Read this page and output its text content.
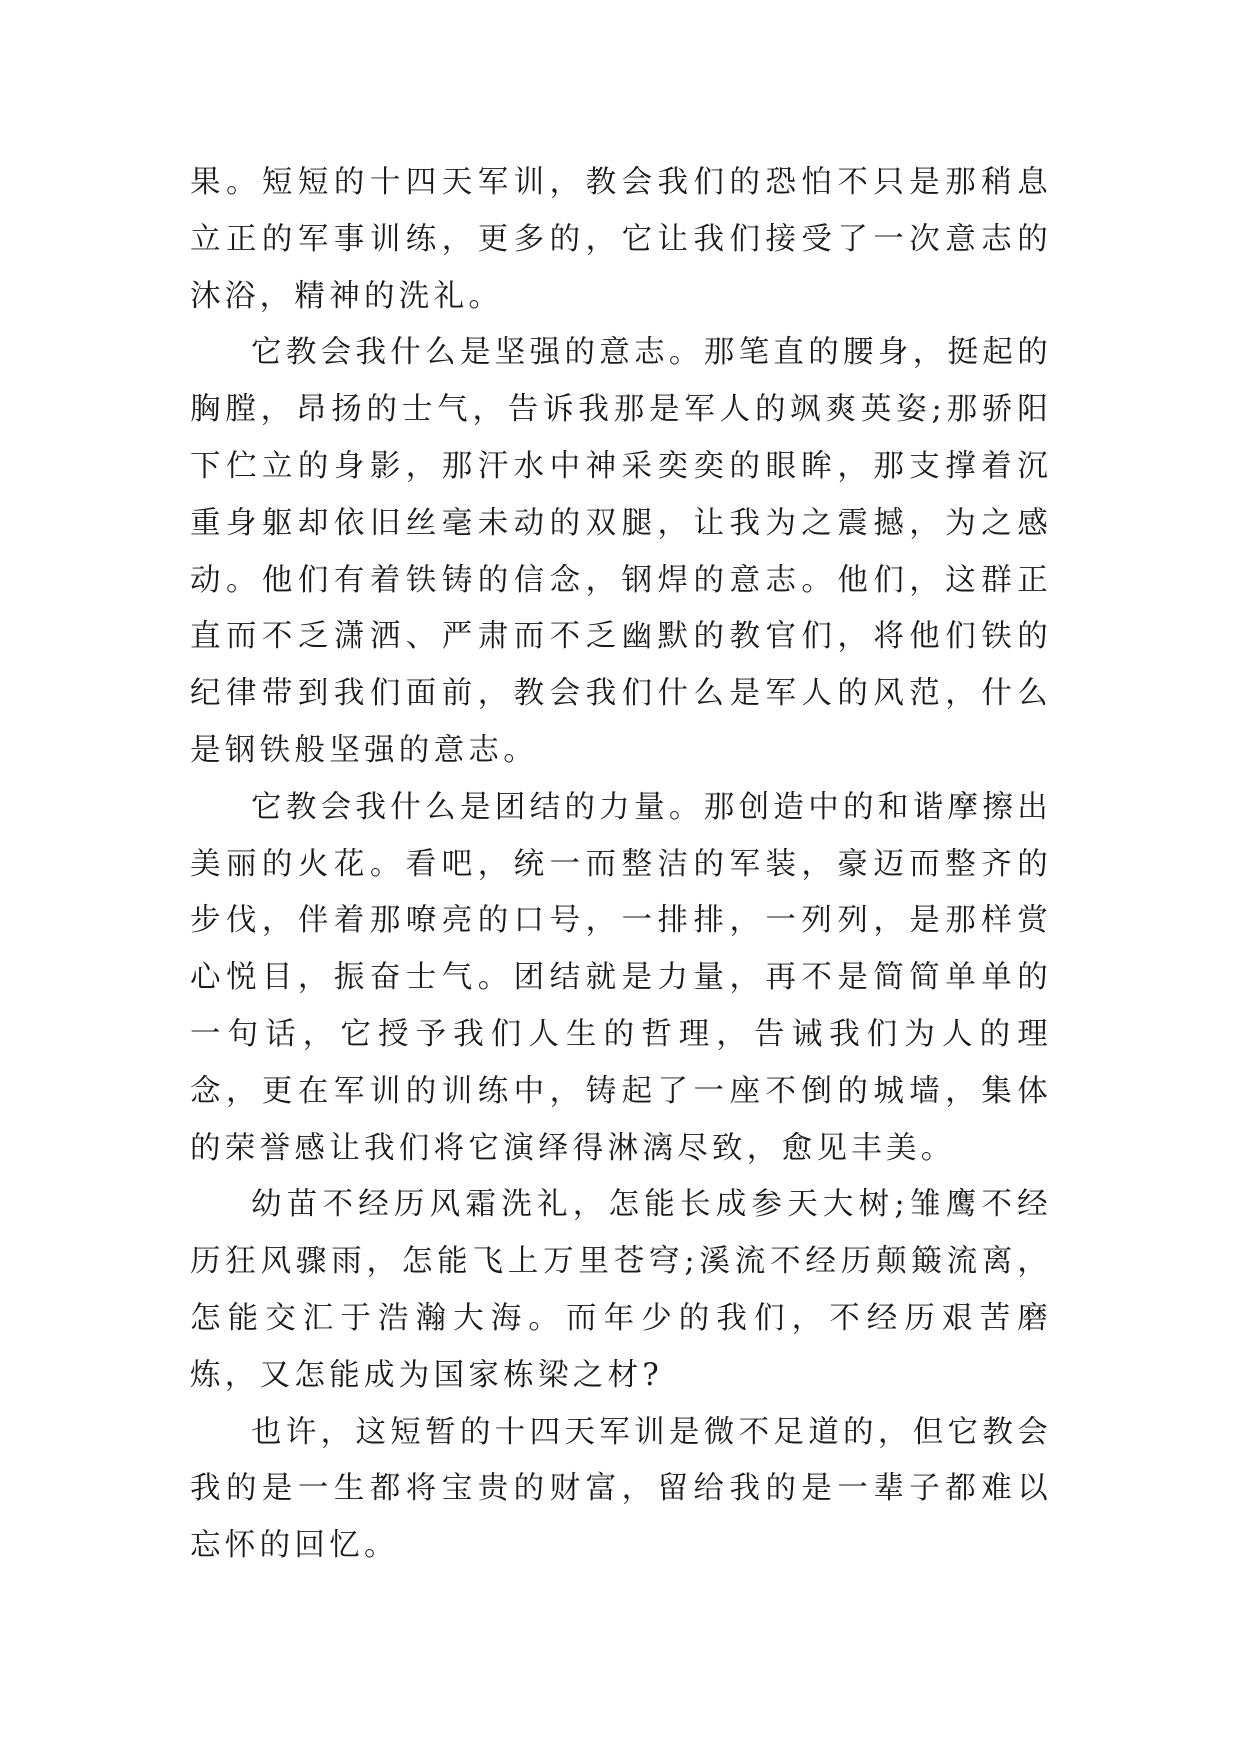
果。短短的十四天军训，教会我们的恐怕不只是那稍息立正的军事训练，更多的，它让我们接受了一次意志的沐浴，精神的洗礼。

它教会我什么是坚强的意志。那笔直的腰身，挺起的胸膛，昂扬的士气，告诉我那是军人的飒爽英姿;那骄阳下伫立的身影，那汗水中神采奕奕的眼眸，那支撑着沉重身躯却依旧丝毫未动的双腿，让我为之震撼，为之感动。他们有着铁铸的信念，钢焊的意志。他们，这群正直而不乏潇洒、严肃而不乏幽默的教官们，将他们铁的纪律带到我们面前，教会我们什么是军人的风范，什么是钢铁般坚强的意志。

它教会我什么是团结的力量。那创造中的和谐摩擦出美丽的火花。看吧，统一而整洁的军装，豪迈而整齐的步伐，伴着那嘹亮的口号，一排排，一列列，是那样赏心悦目，振奋士气。团结就是力量，再不是简简单单的一句话，它授予我们人生的哲理，告诫我们为人的理念，更在军训的训练中，铸起了一座不倒的城墙，集体的荣誉感让我们将它演绎得淋漓尽致，愈见丰美。

幼苗不经历风霜洗礼，怎能长成参天大树;雏鹰不经历狂风骤雨，怎能飞上万里苍穹;溪流不经历颠簸流离，怎能交汇于浩瀚大海。而年少的我们，不经历艰苦磨炼，又怎能成为国家栋梁之材?

也许，这短暂的十四天军训是微不足道的，但它教会我的是一生都将宝贵的财富，留给我的是一辈子都难以忘怀的回忆。
